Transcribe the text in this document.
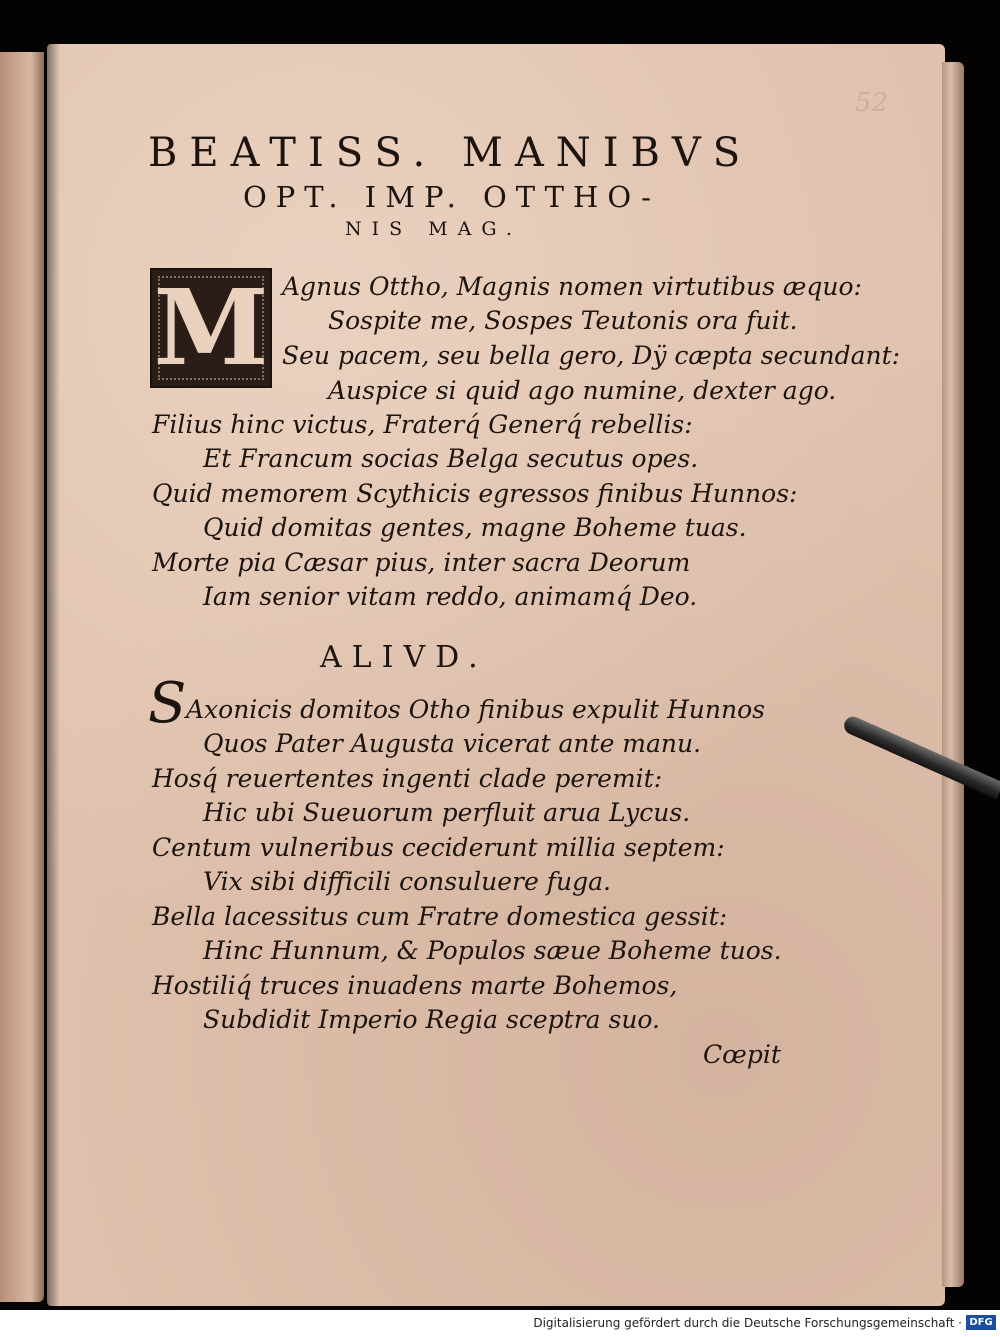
52
BEATISS. MANIBVS
OPT. IMP. OTTHO-
NIS MAG.
M Agnus Ottho, Magnis nomen virtutibus æquo:
Sospite me, Sospes Teutonis ora fuit.
Seu pacem, seu bella gero, Dÿ cæpta secundant:
Auspice si quid ago numine, dexter ago.
Filius hinc victus, Fraterq́ Generq́ rebellis:
Et Francum socias Belga secutus opes.
Quid memorem Scythicis egressos finibus Hunnos:
Quid domitas gentes, magne Boheme tuas.
Morte pia Cæsar pius, inter sacra Deorum
Iam senior vitam reddo, animamq́ Deo.
ALIVD.
S Axonicis domitos Otho finibus expulit Hunnos
Quos Pater Augusta vicerat ante manu.
Hosq́ reuertentes ingenti clade peremit:
Hic ubi Sueuorum perfluit arua Lycus.
Centum vulneribus ceciderunt millia septem:
Vix sibi difficili consuluere fuga.
Bella lacessitus cum Fratre domestica gessit:
Hinc Hunnum, & Populos sæue Boheme tuos.
Hostiliq́ truces inuadens marte Bohemos,
Subdidit Imperio Regia sceptra suo.
Cœpit
Digitalisierung gefördert durch die Deutsche Forschungsgemeinschaft · DFG
